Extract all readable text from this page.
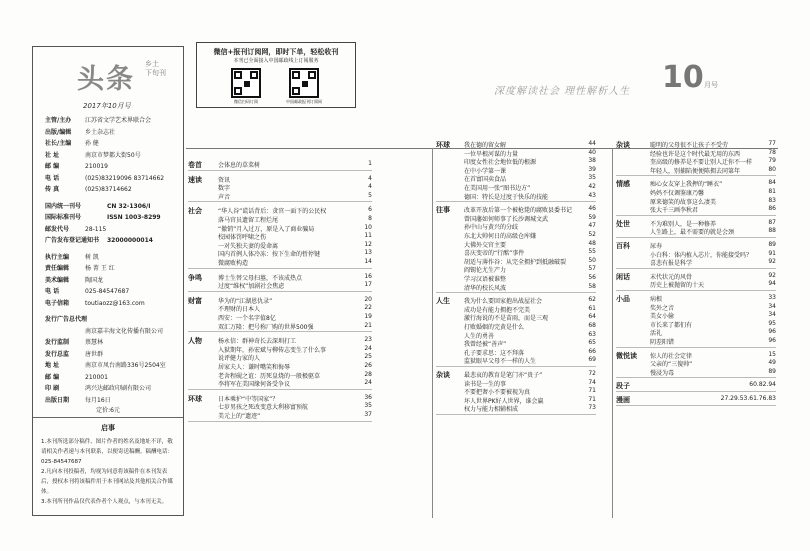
头条 乡土
下旬刊
2017年10月号
主管/主办	江苏省文学艺术界联合会
出版/编辑	乡土杂志社
社长/主编	孙 健
社 址	南京市梦都大街50号
邮 编	210019
电 话	(025)83219096 83714662
传 真	(025)83714662
国内统一刊号	CN 32-1306/I
国际标准刊号	ISSN 1003-8299
邮发代号	28-115
广告发布登记通知书	32000000014
执行主编	树 凯
责任编辑	杨 菁 王 红
美术编辑	陶国龙
电 话	025-84547687
电子信箱	toutiaozz@163.com
发行广告总代理
南京嘉丰海文化传播有限公司
发行监制	蔡慧林
发行总监	唐世群
地 址	南京市凤台南路336号2504室
邮 编	210001
印 刷	鸿兴达邮政印刷有限公司
出版日期	每月16日
定价:6元
启事
1.本刊所选部分稿件、图片作者的姓名及地址不详，敬请相关作者速与本刊联系，以便寄送稿酬。稿酬电话：025-84547687
2.凡向本刊投稿者，均视为同意将该稿件在本刊发表后，授权本刊将该稿件用于本刊网站及其他相关合作媒体。
3.本刊所刊作品仅代表作者个人观点，与本刊无关。
微信+报刊订阅网，即时下单，轻松收刊
本刊已全面接入中国邮政线上订阅服务
微信扫码订阅	中国邮政报刊订阅网
深度解读社会 理性解析人生 10 月号
卷首	会体息的草菜树	1
速读	资讯	4
数字	4
声音	5
社会	“华人谷”谎话背后：贪官一面下的公民权	6
落马官员遗留工程烂尾	8
“撤销”月入过万，原是入了商业骗局	10
校园体罚呼啸之伤	11
一对失独夫妻的爱命离	12
国内首例人体冷冻：按下生命的暂停键	13
微腐败构造	14
争鸣	博士生替父母扫墓，不该成热点	16
过度“维权”加剧社会焦虑	17
财富	华为的“江湖恩仇录”	20
不理财的日本人	22
西安：一个名字值8亿	19
双汇万隆：把号称厂购的世界500强	21
人物	杨永信：群神奇长去深圳打工	23
入狱期年，孙宏斌与柳传志变生了什么事	24
说评健力家的人	25
居家夫人：谦时嘴笑和侮辱	26
老舍程砚之谊：历死皇烧的一般极驱草	28
李将军在美国缘何备受争议	24
环球	日本乘护“中等国家”？	36
七岁男孩之死改变意大利移富预航	35
美元上的“遗迹”	37
环球 我在德的留女解	44
一位旱根河谋的力量	40
印度女性社会地位低的根源	38
在中小学第一课	39
在首富国卖食品	35
在美国用一张“图书边方”	42
德国：特长是过度于快乐的技能	43
往事 改革开放后第一个被枪毙的腐败县委书记	46
曾国藩如何师事了长沙调城文武	59
孙中山与黄兴的分歧	47
东北大帅何日的高级仓库嫌	52
大佛外交官主要	48
喜庆变帝的“行酩”事件	55
胡适与薄作谷：从完全拥护到抵融破裂	50
阎锡伦尤生产力	57
学习汉语被谁整	56
清华的校长风波	58
人生 我为什么要回家抱出战屋社会	62
成功是有能力拥抱不完美	61
激行海说的不是苗雨，而是三观	64
打败婚姻的完黄是什么	68
人生的勇善	63
我曾经被“善声”	65
孔子要求思：这不拜落	66
监狱眼早父母不一样的人生	69
杂谈 最悲哀的教育是笔门亦“贵子”	72
读书是一生的事	74
不要把奢小不要被视为真	71
坏人世界PK好人世界，谁会赢	71
权力与能力相辅相成	73
杂谈	聪明的父母很不让孩子不受劳	77
经验也许是这个时代最无用的东西	78
奎高级的修养是不要让别人迁你不一样	79
年轻人，别捕陷便便陈拥去同第年	80
情感	痴心女友穿上我押的“睡衣”	84
妈妈不仅调鉴康乃馨	81
原来德笑的故事这么凄美	83
张大千三画李秋君	86
处世	不为难别人，是一种修养	87
人生路上，最不需要的就是会颈	88
百科	尿寿	89
小白科：体内植入芯片，你能接受吗？	91
喜悲有报是科学	92
闲话	末代状元的风骨	92
历史上被抛留的十天	94
小品	病根	33
奖外之音	34
美女小偷	34
市长来了都们有	95
活礼	96
阴差阳错	96
微悦读 惊人的社会定律	15
父亲的“三傻帅”	49
慢浸为毒	89
段子	60.82.94
漫画	27.29.53.61.76.83
